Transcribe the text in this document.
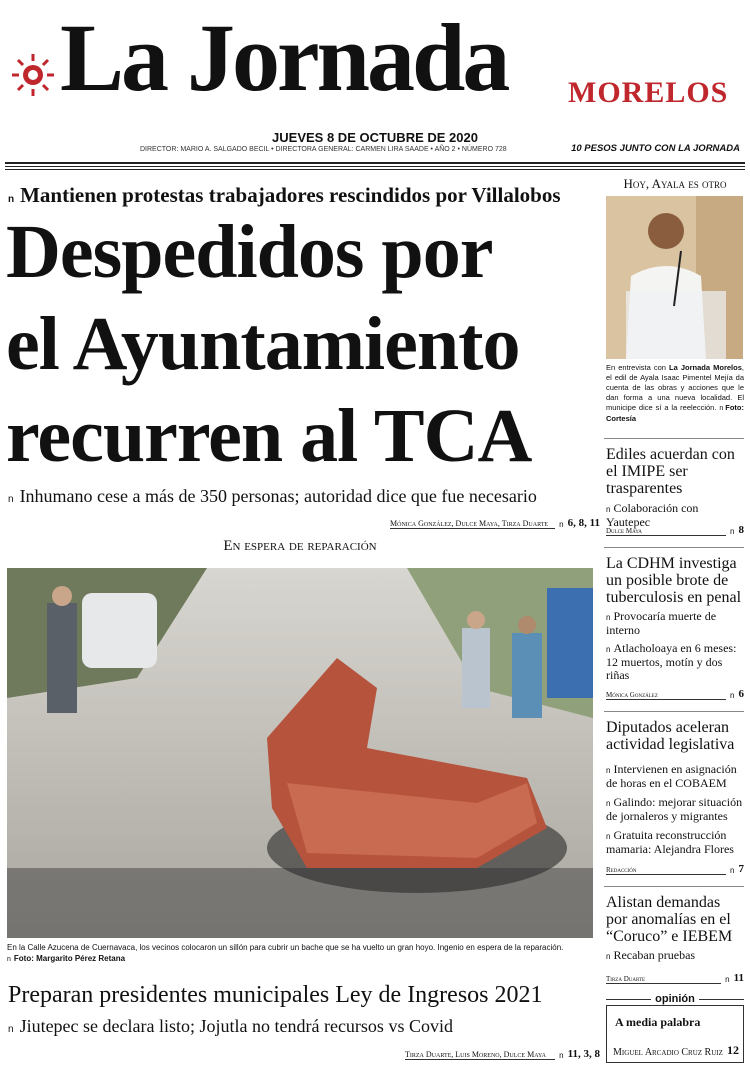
La Jornada MORELOS
JUEVES 8 DE OCTUBRE DE 2020
DIRECTOR: MARIO A. SALGADO BECIL • DIRECTORA GENERAL: CARMEN LIRA SAADE • AÑO 2 • NÚMERO 728	10 PESOS JUNTO CON LA JORNADA
n Mantienen protestas trabajadores rescindidos por Villalobos
Despedidos por
el Ayuntamiento
recurren al TCA
n Inhumano cese a más de 350 personas; autoridad dice que fue necesario
Mónica González, Dulce Maya, Tirza Duarte	n 6, 8, 11
En espera de reparación
En la Calle Azucena de Cuernavaca, los vecinos colocaron un sillón para cubrir un bache que se ha vuelto un gran hoyo. Ingenio en espera de la reparación.
n Foto: Margarito Pérez Retana
Preparan presidentes municipales Ley de Ingresos 2021
n Jiutepec se declara listo; Jojutla no tendrá recursos vs Covid
Tirza Duarte, Luis Moreno, Dulce Maya	n 11, 3, 8
Hoy, Ayala es otro
En entrevista con La Jornada Morelos, el edil de Ayala Isaac Pimentel Mejía da cuenta de las obras y acciones que le dan forma a una nueva localidad. El municipe dice sí a la reelección. n Foto: Cortesía
Ediles acuerdan con el IMIPE ser trasparentes
n Colaboración con Yautepec
Dulce Maya	n 8
La CDHM investiga un posible brote de tuberculosis en penal
n Provocaría muerte de interno
n Atlacholoaya en 6 meses: 12 muertos, motín y dos riñas
Mónica González	n 6
Diputados aceleran actividad legislativa
n Intervienen en asignación de horas en el COBAEM
n Galindo: mejorar situación de jornaleros y migrantes
n Gratuita reconstrucción mamaria: Alejandra Flores
Redacción	n 7
Alistan demandas por anomalías en el “Coruco” e IEBEM
n Recaban pruebas
Tirza Duarte	n 11
opinión
A media palabra
Miguel Arcadio Cruz Ruiz 12
